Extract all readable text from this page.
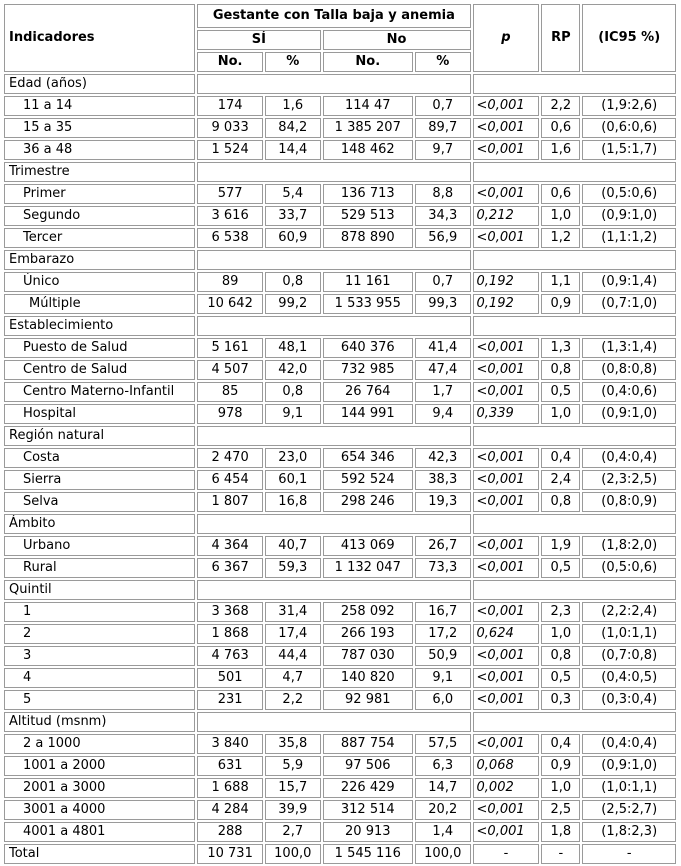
Indicadores	Gestante con Talla baja y anemia				p	RP	(IC95 %)
	SÍ		No				
	No.	%	No.	%			
Edad (años)							
11 a 14	174	1,6	114 47	0,7	<0,001	2,2	(1,9:2,6)
15 a 35	9 033	84,2	1 385 207	89,7	<0,001	0,6	(0,6:0,6)
36 a 48	1 524	14,4	148 462	9,7	<0,001	1,6	(1,5:1,7)
Trimestre							
Primer	577	5,4	136 713	8,8	<0,001	0,6	(0,5:0,6)
Segundo	3 616	33,7	529 513	34,3	0,212	1,0	(0,9:1,0)
Tercer	6 538	60,9	878 890	56,9	<0,001	1,2	(1,1:1,2)
Embarazo							
Único	89	0,8	11 161	0,7	0,192	1,1	(0,9:1,4)
Múltiple	10 642	99,2	1 533 955	99,3	0,192	0,9	(0,7:1,0)
Establecimiento							
Puesto de Salud	5 161	48,1	640 376	41,4	<0,001	1,3	(1,3:1,4)
Centro de Salud	4 507	42,0	732 985	47,4	<0,001	0,8	(0,8:0,8)
Centro Materno-Infantil	85	0,8	26 764	1,7	<0,001	0,5	(0,4:0,6)
Hospital	978	9,1	144 991	9,4	0,339	1,0	(0,9:1,0)
Región natural							
Costa	2 470	23,0	654 346	42,3	<0,001	0,4	(0,4:0,4)
Sierra	6 454	60,1	592 524	38,3	<0,001	2,4	(2,3:2,5)
Selva	1 807	16,8	298 246	19,3	<0,001	0,8	(0,8:0,9)
Ámbito							
Urbano	4 364	40,7	413 069	26,7	<0,001	1,9	(1,8:2,0)
Rural	6 367	59,3	1 132 047	73,3	<0,001	0,5	(0,5:0,6)
Quintil							
1	3 368	31,4	258 092	16,7	<0,001	2,3	(2,2:2,4)
2	1 868	17,4	266 193	17,2	0,624	1,0	(1,0:1,1)
3	4 763	44,4	787 030	50,9	<0,001	0,8	(0,7:0,8)
4	501	4,7	140 820	9,1	<0,001	0,5	(0,4:0,5)
5	231	2,2	92 981	6,0	<0,001	0,3	(0,3:0,4)
Altitud (msnm)							
2 a 1000	3 840	35,8	887 754	57,5	<0,001	0,4	(0,4:0,4)
1001 a 2000	631	5,9	97 506	6,3	0,068	0,9	(0,9:1,0)
2001 a 3000	1 688	15,7	226 429	14,7	0,002	1,0	(1,0:1,1)
3001 a 4000	4 284	39,9	312 514	20,2	<0,001	2,5	(2,5:2,7)
4001 a 4801	288	2,7	20 913	1,4	<0,001	1,8	(1,8:2,3)
Total	10 731	100,0	1 545 116	100,0	-	-	-
